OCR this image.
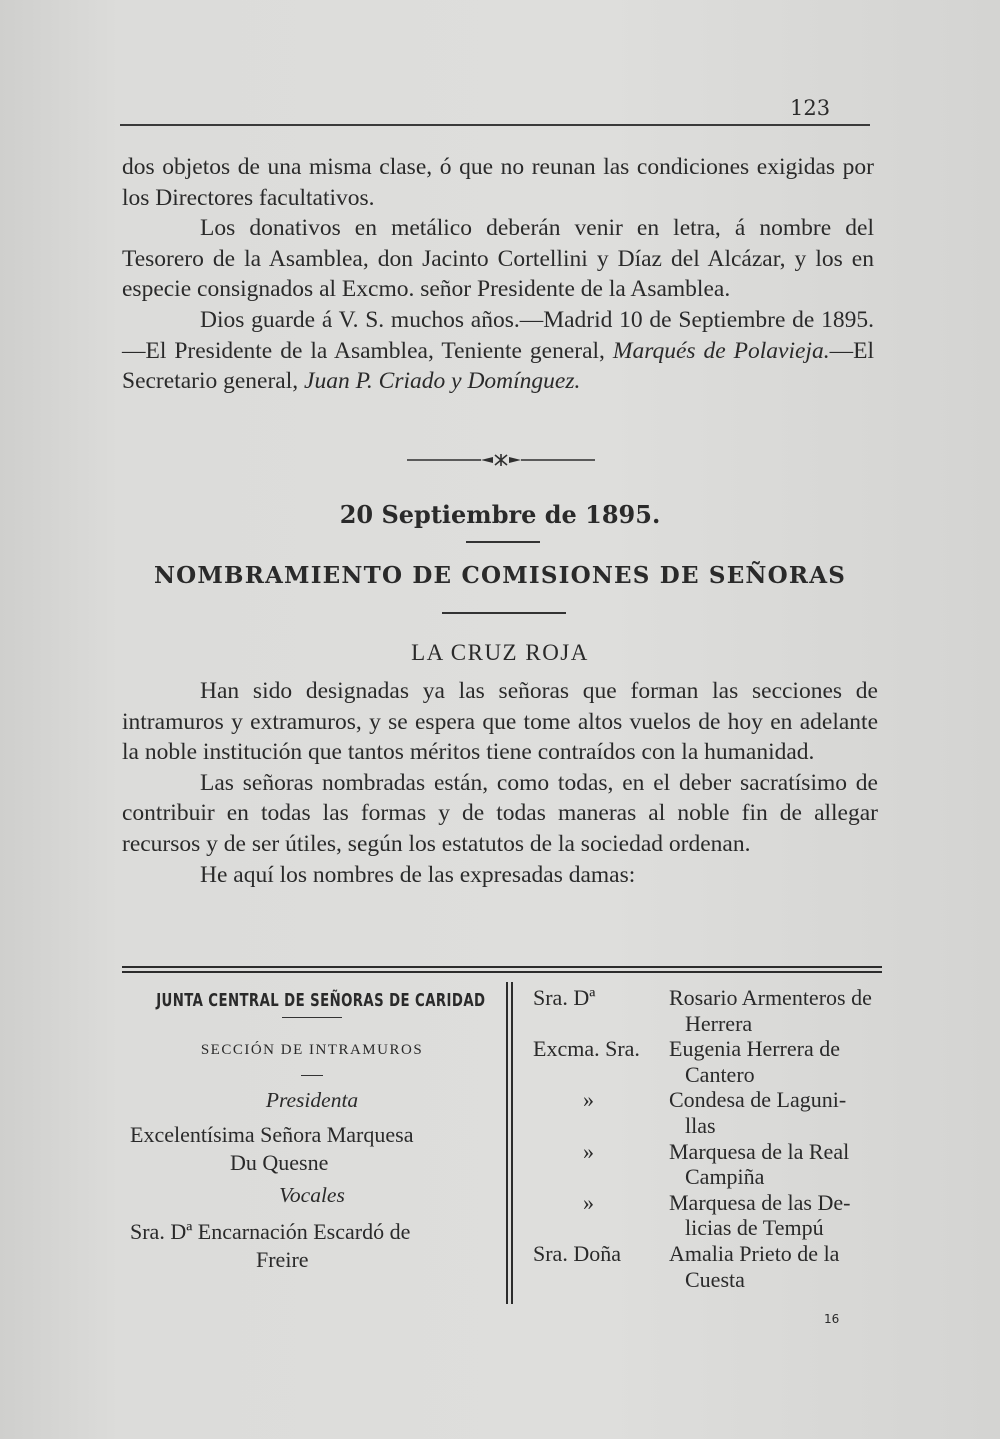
123

dos objetos de una misma clase, ó que no reunan las condiciones exigidas por los Directores facultativos.

Los donativos en metálico deberán venir en letra, á nombre del Tesorero de la Asamblea, don Jacinto Cortellini y Díaz del Alcázar, y los en especie consignados al Excmo. señor Presidente de la Asamblea.

Dios guarde á V. S. muchos años.—Madrid 10 de Septiembre de 1895.—El Presidente de la Asamblea, Teniente general, Marqués de Polavieja.—El Secretario general, Juan P. Criado y Domínguez.

20 Septiembre de 1895.
NOMBRAMIENTO DE COMISIONES DE SEÑORAS
LA CRUZ ROJA

Han sido designadas ya las señoras que forman las secciones de intramuros y extramuros, y se espera que tome altos vuelos de hoy en adelante la noble institución que tantos méritos tiene contraídos con la humanidad.

Las señoras nombradas están, como todas, en el deber sacratísimo de contribuir en todas las formas y de todas maneras al noble fin de allegar recursos y de ser útiles, según los estatutos de la sociedad ordenan.

He aquí los nombres de las expresadas damas:

JUNTA CENTRAL DE SEÑORAS DE CARIDAD
SECCIÓN DE INTRAMUROS
Presidenta
Excelentísima Señora Marquesa
Du Quesne
Vocales
Sra. Dª Encarnación Escardó de
Freire
Sra. Dª	Rosario Armenteros de
Herrera
Excma. Sra.	Eugenia Herrera de
Cantero
»	Condesa de Laguni-
llas
»	Marquesa de la Real
Campiña
»	Marquesa de las De-
licias de Tempú
Sra. Doña	Amalia Prieto de la
Cuesta
16
